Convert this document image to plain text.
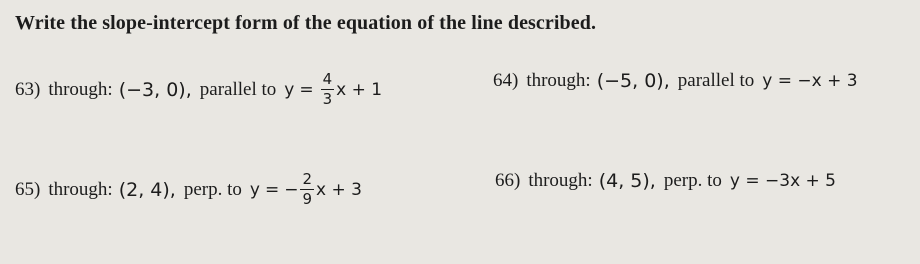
Write the slope-intercept form of the equation of the line described.
63) through: (−3, 0), parallel to $y = \frac{4}{3}$ x + 1	64) through: (−5, 0), parallel to y = −x + 3
65) through: (2, 4), perp. to y = − $\frac{2}{9}$ x + 3	66) through: (4, 5), perp. to y = −3x + 5
